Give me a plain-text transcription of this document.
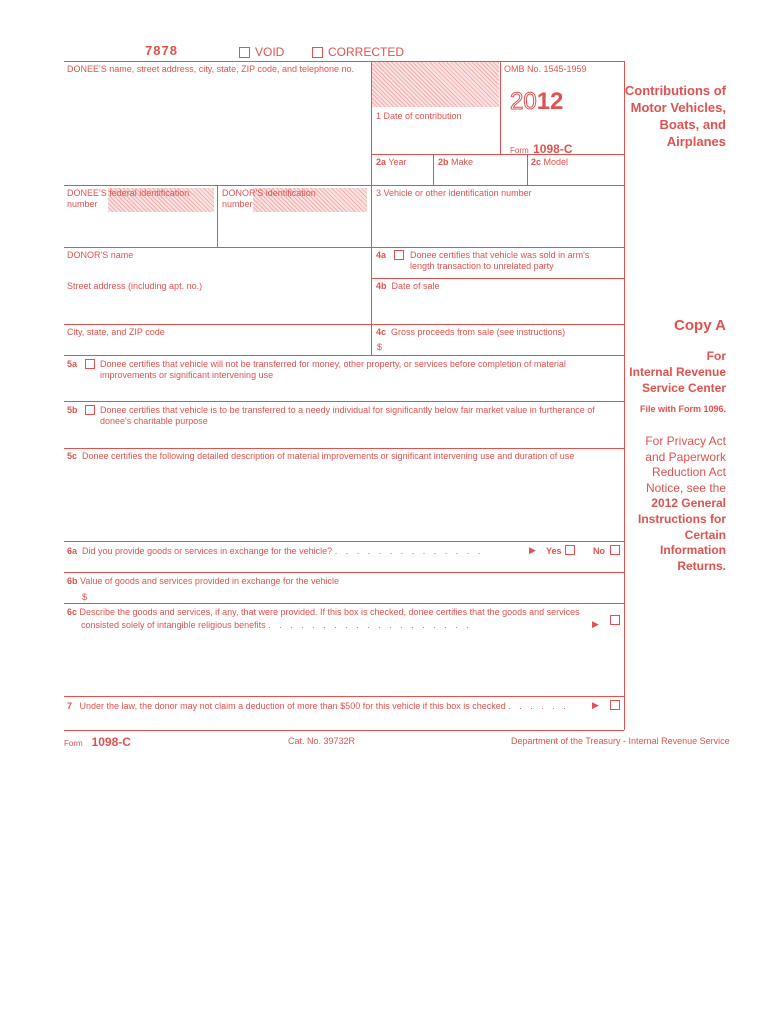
7878	VOID	CORRECTED
DONEE'S name, street address, city, state, ZIP code, and telephone no.	OMB No. 1545-1959
2012
1 Date of contribution
Form 1098-C
Contributions of
Motor Vehicles,
Boats, and
Airplanes
2a Year	2b Make	2c Model
DONEE'S federal identification number
DONOR'S identification number
3 Vehicle or other identification number
DONOR'S name	4a	Donee certifies that vehicle was sold in arm's length transaction to unrelated party
Street address (including apt. no.)	4b Date of sale
City, state, and ZIP code	4c Gross proceeds from sale (see instructions)
$
5a	Donee certifies that vehicle will not be transferred for money, other property, or services before completion of material improvements or significant intervening use
5b Donee certifies that vehicle is to be transferred to a needy individual for significantly below fair market value in furtherance of donee's charitable purpose
5c Donee certifies the following detailed description of material improvements or significant intervening use and duration of use
6a Did you provide goods or services in exchange for the vehicle? . . . . . . . . . . . . . .	▶ Yes	No
6b Value of goods and services provided in exchange for the vehicle
$
6c Describe the goods and services, if any, that were provided. If this box is checked, donee certifies that the goods and services
consisted solely of intangible religious benefits . . . . . . . . . . . . . . . . . . .	▶
7 Under the law, the donor may not claim a deduction of more than $500 for this vehicle if this box is checked . . . . . .	▶
Copy A
For
Internal Revenue
Service Center
File with Form 1096.
For Privacy Act
and Paperwork
Reduction Act
Notice, see the
2012 General
Instructions for
Certain
Information
Returns.
Form 1098-C	Cat. No. 39732R	Department of the Treasury - Internal Revenue Service
